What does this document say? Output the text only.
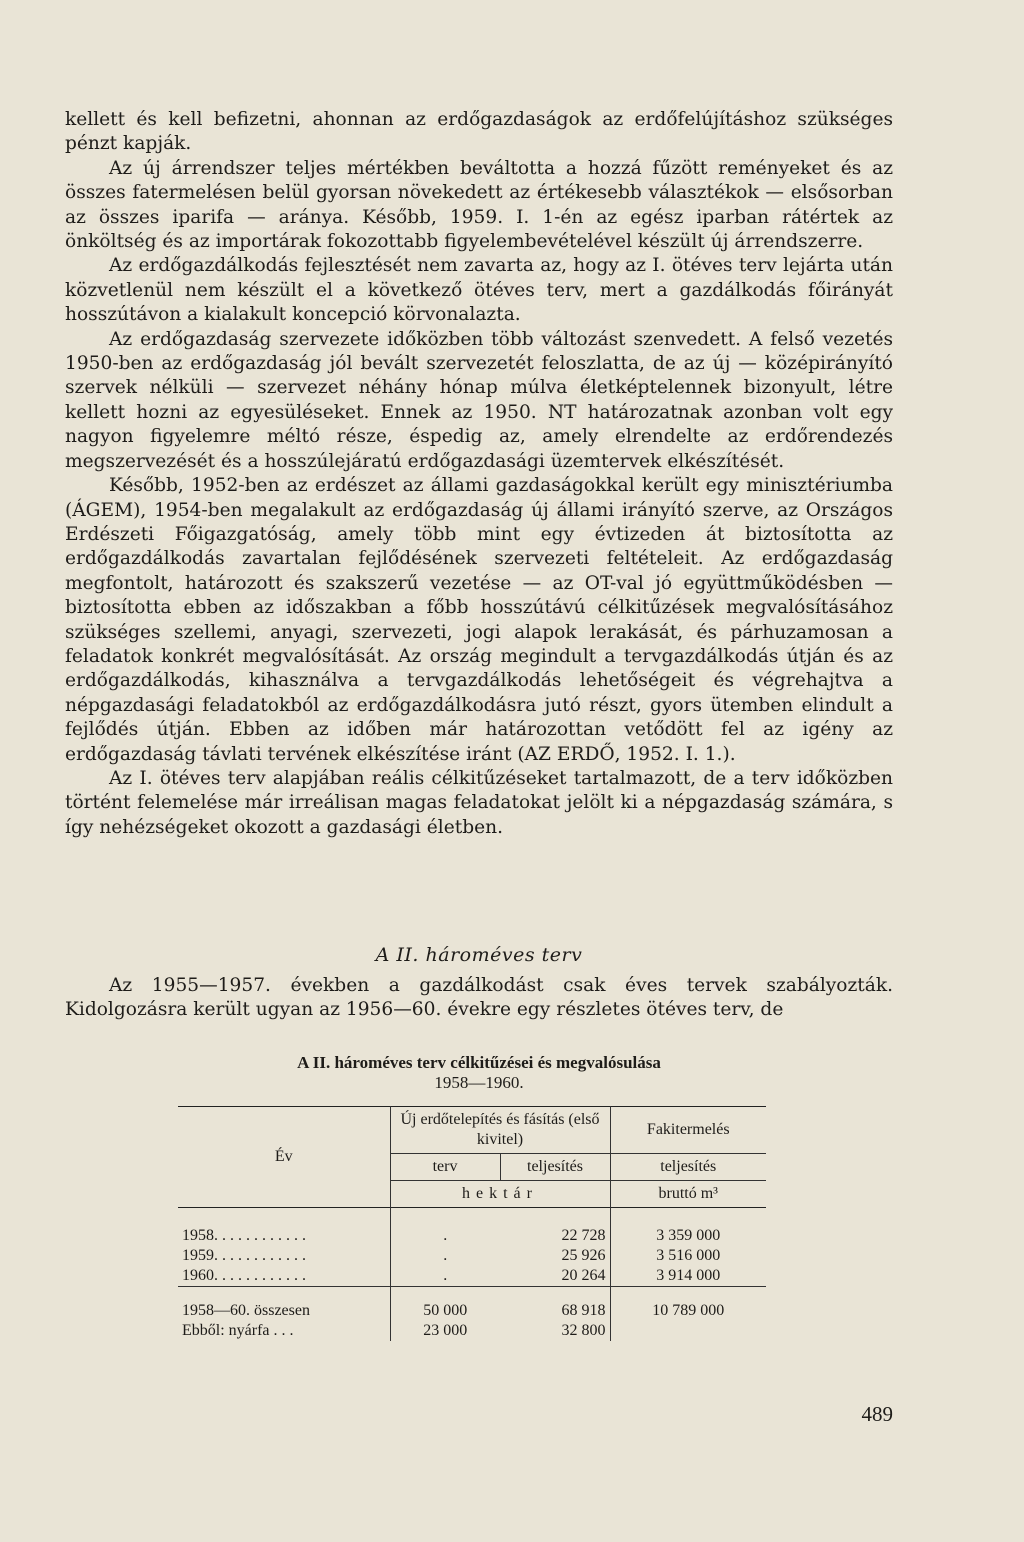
kellett és kell befizetni, ahonnan az erdőgazdaságok az erdőfelújításhoz szükséges pénzt kapják.

Az új árrendszer teljes mértékben beváltotta a hozzá fűzött reményeket és az összes fatermelésen belül gyorsan növekedett az értékesebb választékok — elsősorban az összes iparifa — aránya. Később, 1959. I. 1-én az egész iparban rátértek az önköltség és az importárak fokozottabb figyelembevételével készült új árrendszerre.

Az erdőgazdálkodás fejlesztését nem zavarta az, hogy az I. ötéves terv lejárta után közvetlenül nem készült el a következő ötéves terv, mert a gazdálkodás főirányát hosszútávon a kialakult koncepció körvonalazta.

Az erdőgazdaság szervezete időközben több változást szenvedett. A felső vezetés 1950-ben az erdőgazdaság jól bevált szervezetét feloszlatta, de az új — középirányító szervek nélküli — szervezet néhány hónap múlva életképtelennek bizonyult, létre kellett hozni az egyesüléseket. Ennek az 1950. NT határozatnak azonban volt egy nagyon figyelemre méltó része, éspedig az, amely elrendelte az erdőrendezés megszervezését és a hosszúlejáratú erdőgazdasági üzemtervek elkészítését.

Később, 1952-ben az erdészet az állami gazdaságokkal került egy minisztériumba (ÁGEM), 1954-ben megalakult az erdőgazdaság új állami irányító szerve, az Országos Erdészeti Főigazgatóság, amely több mint egy évtizeden át biztosította az erdőgazdálkodás zavartalan fejlődésének szervezeti feltételeit. Az erdőgazdaság megfontolt, határozott és szakszerű vezetése — az OT-val jó együttműködésben — biztosította ebben az időszakban a főbb hosszútávú célkitűzések megvalósításához szükséges szellemi, anyagi, szervezeti, jogi alapok lerakását, és párhuzamosan a feladatok konkrét megvalósítását. Az ország megindult a tervgazdálkodás útján és az erdőgazdálkodás, kihasználva a tervgazdálkodás lehetőségeit és végrehajtva a népgazdasági feladatokból az erdőgazdálkodásra jutó részt, gyors ütemben elindult a fejlődés útján. Ebben az időben már határozottan vetődött fel az igény az erdőgazdaság távlati tervének elkészítése iránt (AZ ERDŐ, 1952. I. 1.).

Az I. ötéves terv alapjában reális célkitűzéseket tartalmazott, de a terv időközben történt felemelése már irreálisan magas feladatokat jelölt ki a népgazdaság számára, s így nehézségeket okozott a gazdasági életben.

A II. hároméves terv

Az 1955—1957. években a gazdálkodást csak éves tervek szabályozták. Kidolgozásra került ugyan az 1956—60. évekre egy részletes ötéves terv, de

A II. hároméves terv célkitűzései és megvalósulása
1958—1960.
Év	Új erdőtelepítés és fásítás (első kivitel)		Fakitermelés
	terv	teljesítés	teljesítés
	hektár		bruttó m³

1958. . . . . . . . . . . .	.	22 728	3 359 000
1959. . . . . . . . . . . .	.	25 926	3 516 000
1960. . . . . . . . . . . .	.	20 264	3 914 000

1958—60. összesen	50 000	68 918	10 789 000
Ebből: nyárfa . . .	23 000	32 800	
489
